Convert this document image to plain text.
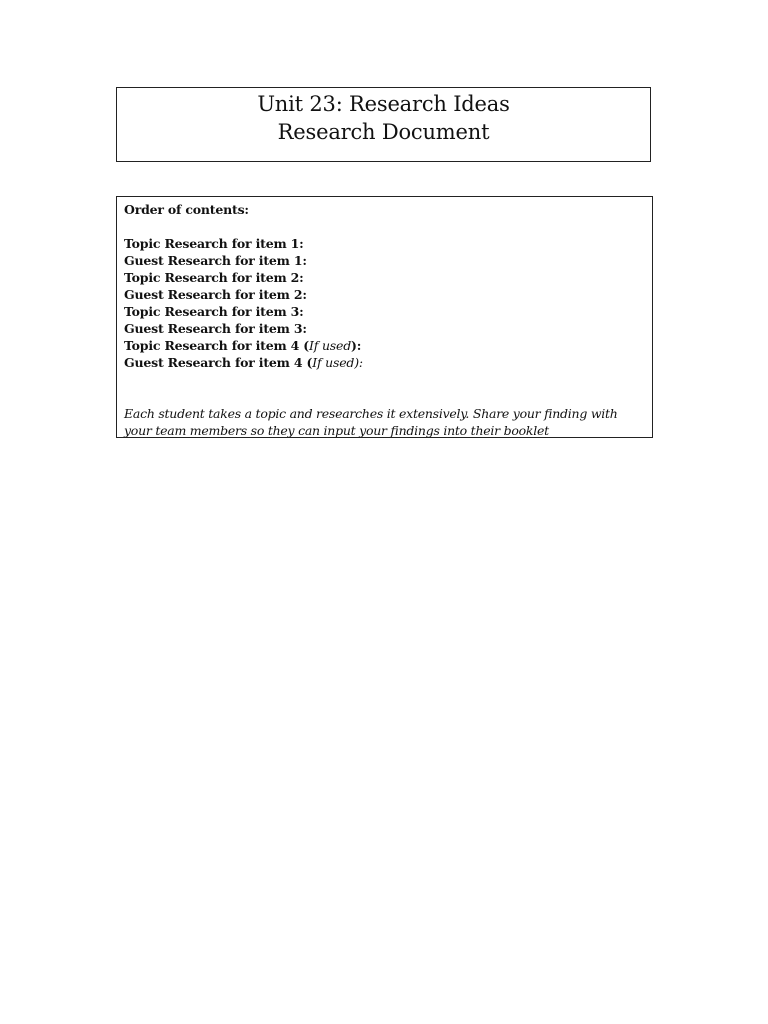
Unit 23: Research Ideas
Research Document
Order of contents:
Topic Research for item 1:
Guest Research for item 1:
Topic Research for item 2:
Guest Research for item 2:
Topic Research for item 3:
Guest Research for item 3:
Topic Research for item 4 (If used):
Guest Research for item 4 (If used):
Each student takes a topic and researches it extensively. Share your finding with your team members so they can input your findings into their booklet
